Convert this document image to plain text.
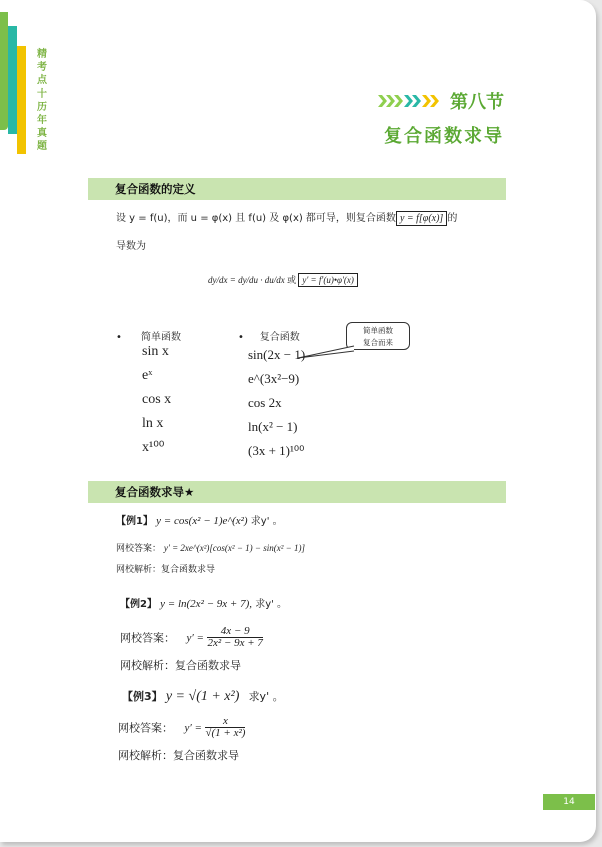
精考点十历年真题
第八节
复合函数求导
复合函数的定义
设 y = f(u)，而 u = φ(x) 且 f(u) 及 φ(x) 都可导，则复合函数 y = f[φ(x)] 的
导数为
dy/dx = dy/du · du/dx 或 y′ = f′(u)•φ′(x)
•      简单函数	•     复合函数
简单函数
复合而来
sin x
eˣ
cos x
ln x
x¹⁰⁰
sin(2x − 1)
e^(3x²−9)
cos 2x
ln(x² − 1)
(3x + 1)¹⁰⁰
复合函数求导★
【例1】 y = cos(x² − 1)e^(x²) 求y' 。
网校答案： y′ = 2xe^(x²)[cos(x² − 1) − sin(x² − 1)]
网校解析：复合函数求导
【例2】 y = ln(2x² − 9x + 7), 求y' 。
网校答案： $y' = \frac{4x - 9}{\text{2x² − 9x + 7}}$
网校解析：复合函数求导
【例3】 y = √(1 + x²) 求y' 。
网校答案： $y' = \frac{x}{\text{√(1 + x²)}}$
网校解析：复合函数求导
14
